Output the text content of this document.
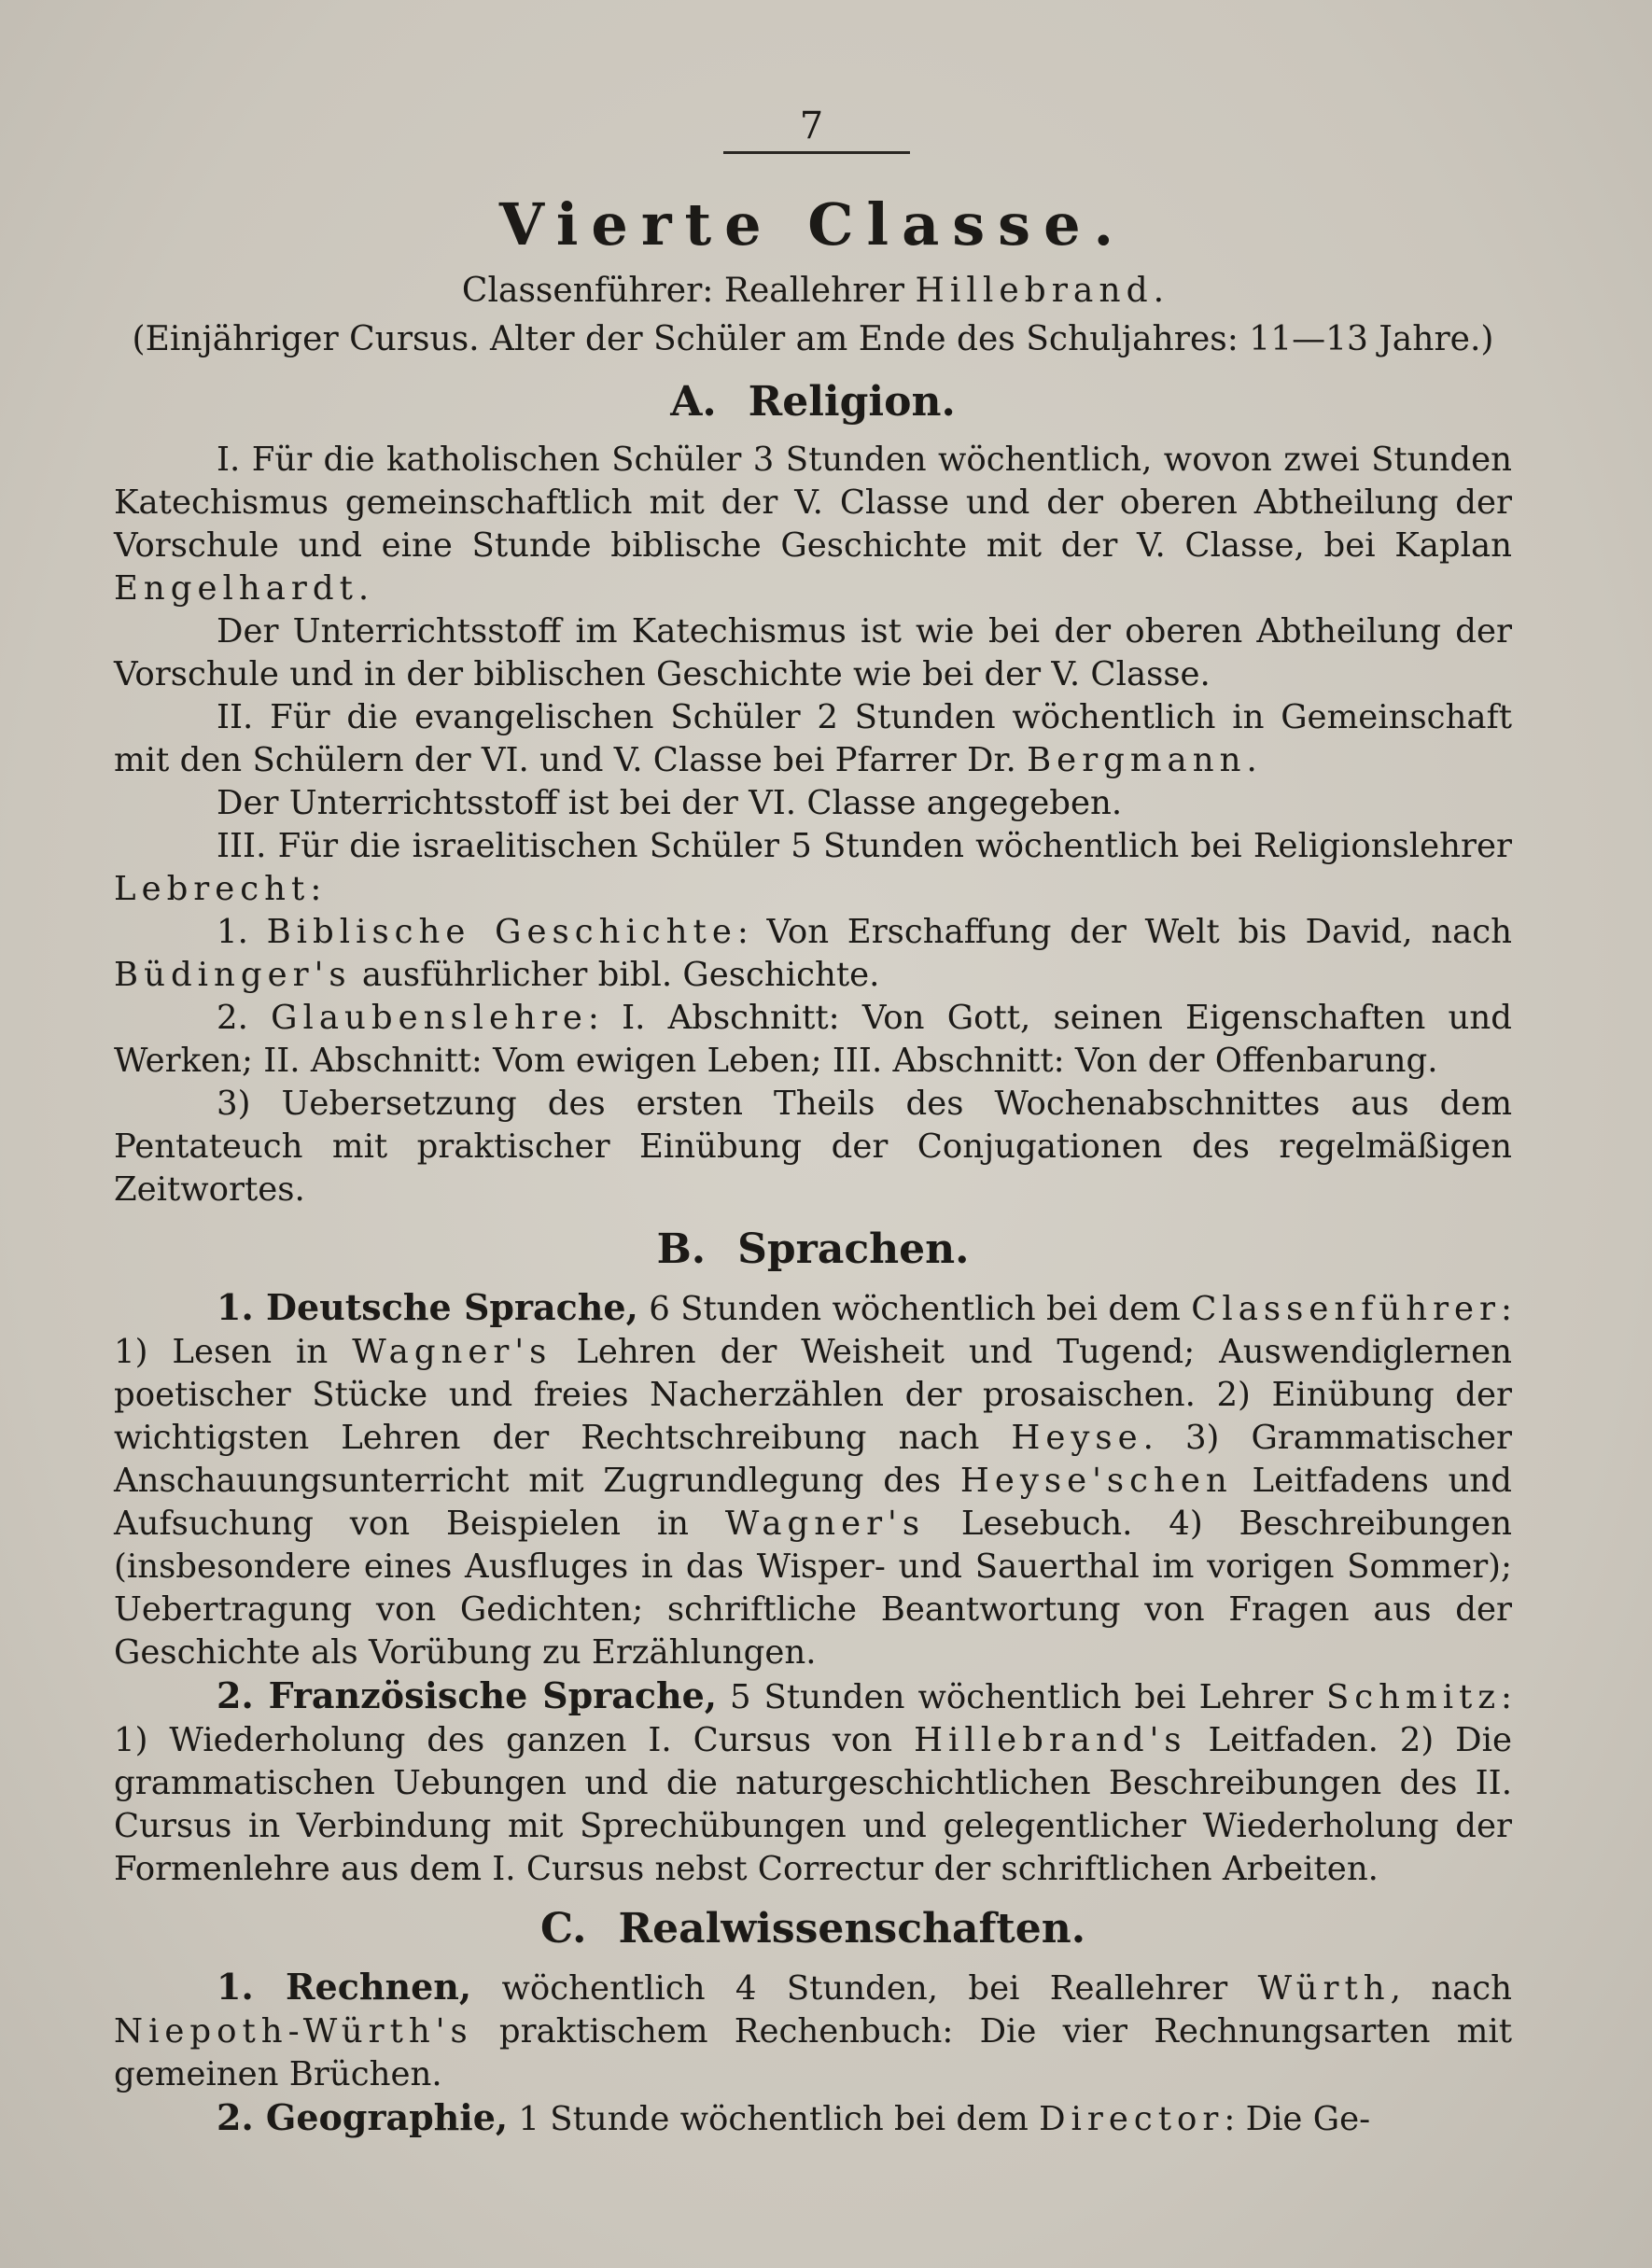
7
Vierte Classe.

Classenführer: Reallehrer Hillebrand.

(Einjähriger Cursus. Alter der Schüler am Ende des Schuljahres: 11—13 Jahre.)

A. Religion.

I. Für die katholischen Schüler 3 Stunden wöchentlich, wovon zwei Stunden Katechismus gemeinschaftlich mit der V. Classe und der oberen Abtheilung der Vorschule und eine Stunde biblische Geschichte mit der V. Classe, bei Kaplan Engelhardt.

Der Unterrichtsstoff im Katechismus ist wie bei der oberen Abtheilung der Vorschule und in der biblischen Geschichte wie bei der V. Classe.

II. Für die evangelischen Schüler 2 Stunden wöchentlich in Gemeinschaft mit den Schülern der VI. und V. Classe bei Pfarrer Dr. Bergmann.

Der Unterrichtsstoff ist bei der VI. Classe angegeben.

III. Für die israelitischen Schüler 5 Stunden wöchentlich bei Religionslehrer Lebrecht:

1. Biblische Geschichte: Von Erschaffung der Welt bis David, nach Büdinger's ausführlicher bibl. Geschichte.

2. Glaubenslehre: I. Abschnitt: Von Gott, seinen Eigenschaften und Werken; II. Abschnitt: Vom ewigen Leben; III. Abschnitt: Von der Offenbarung.

3) Uebersetzung des ersten Theils des Wochenabschnittes aus dem Pentateuch mit praktischer Einübung der Conjugationen des regelmäßigen Zeitwortes.

B. Sprachen.

1. Deutsche Sprache, 6 Stunden wöchentlich bei dem Classenführer: 1) Lesen in Wagner's Lehren der Weisheit und Tugend; Auswendiglernen poetischer Stücke und freies Nacherzählen der prosaischen. 2) Einübung der wichtigsten Lehren der Rechtschreibung nach Heyse. 3) Grammatischer Anschauungsunterricht mit Zugrundlegung des Heyse'schen Leitfadens und Aufsuchung von Beispielen in Wagner's Lesebuch. 4) Beschreibungen (insbesondere eines Ausfluges in das Wisper- und Sauerthal im vorigen Sommer); Uebertragung von Gedichten; schriftliche Beantwortung von Fragen aus der Geschichte als Vorübung zu Erzählungen.

2. Französische Sprache, 5 Stunden wöchentlich bei Lehrer Schmitz: 1) Wiederholung des ganzen I. Cursus von Hillebrand's Leitfaden. 2) Die grammatischen Uebungen und die naturgeschichtlichen Beschreibungen des II. Cursus in Verbindung mit Sprechübungen und gelegentlicher Wiederholung der Formenlehre aus dem I. Cursus nebst Correctur der schriftlichen Arbeiten.

C. Realwissenschaften.

1. Rechnen, wöchentlich 4 Stunden, bei Reallehrer Würth, nach Niepoth-Würth's praktischem Rechenbuch: Die vier Rechnungsarten mit gemeinen Brüchen.

2. Geographie, 1 Stunde wöchentlich bei dem Director: Die Ge-
